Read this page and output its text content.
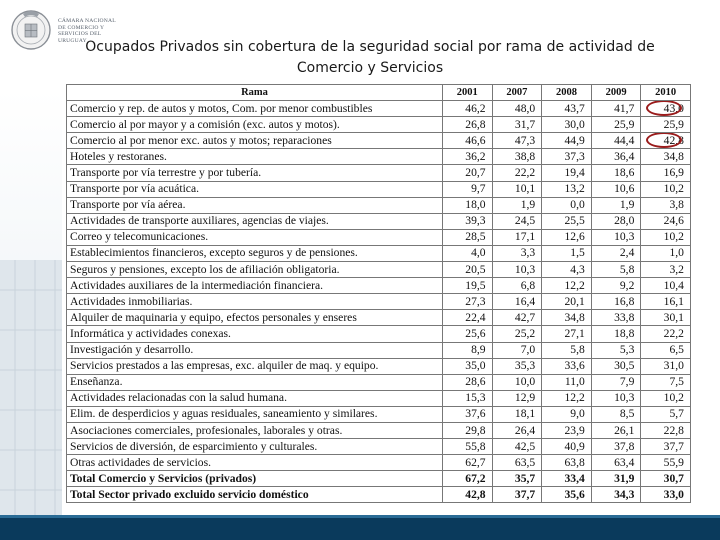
CÁMARA NACIONAL
DE COMERCIO Y
SERVICIOS DEL
URUGUAY
Ocupados Privados sin cobertura de la seguridad social por rama de actividad de
Comercio y Servicios
Rama	2001	2007	2008	2009	2010
Comercio y rep. de autos y motos, Com. por menor combustibles	46,2	48,0	43,7	41,7	43,0

Comercio al por mayor y a comisión (exc. autos y motos).	26,8	31,7	30,0	25,9	25,9
Comercio al por menor exc. autos y motos; reparaciones	46,6	47,3	44,9	44,4	42,8

Hoteles y restoranes.	36,2	38,8	37,3	36,4	34,8
Transporte por vía terrestre y por tubería.	20,7	22,2	19,4	18,6	16,9
Transporte por vía acuática.	9,7	10,1	13,2	10,6	10,2
Transporte por vía aérea.	18,0	1,9	0,0	1,9	3,8
Actividades de transporte auxiliares, agencias de viajes.	39,3	24,5	25,5	28,0	24,6
Correo y telecomunicaciones.	28,5	17,1	12,6	10,3	10,2
Establecimientos financieros, excepto seguros y de pensiones.	4,0	3,3	1,5	2,4	1,0
Seguros y pensiones, excepto los de afiliación obligatoria.	20,5	10,3	4,3	5,8	3,2
Actividades auxiliares de la intermediación financiera.	19,5	6,8	12,2	9,2	10,4
Actividades inmobiliarias.	27,3	16,4	20,1	16,8	16,1
Alquiler de maquinaria y equipo, efectos personales y enseres	22,4	42,7	34,8	33,8	30,1
Informática y actividades conexas.	25,6	25,2	27,1	18,8	22,2
Investigación y desarrollo.	8,9	7,0	5,8	5,3	6,5
Servicios prestados a las empresas, exc. alquiler de maq. y equipo.	35,0	35,3	33,6	30,5	31,0
Enseñanza.	28,6	10,0	11,0	7,9	7,5
Actividades relacionadas con la salud humana.	15,3	12,9	12,2	10,3	10,2
Elim. de desperdicios y aguas residuales, saneamiento y similares.	37,6	18,1	9,0	8,5	5,7
Asociaciones comerciales, profesionales, laborales y otras.	29,8	26,4	23,9	26,1	22,8
Servicios de diversión, de esparcimiento y culturales.	55,8	42,5	40,9	37,8	37,7
Otras actividades de servicios.	62,7	63,5	63,8	63,4	55,9
Total Comercio y Servicios (privados)	67,2	35,7	33,4	31,9	30,7
Total Sector privado excluido servicio doméstico	42,8	37,7	35,6	34,3	33,0
